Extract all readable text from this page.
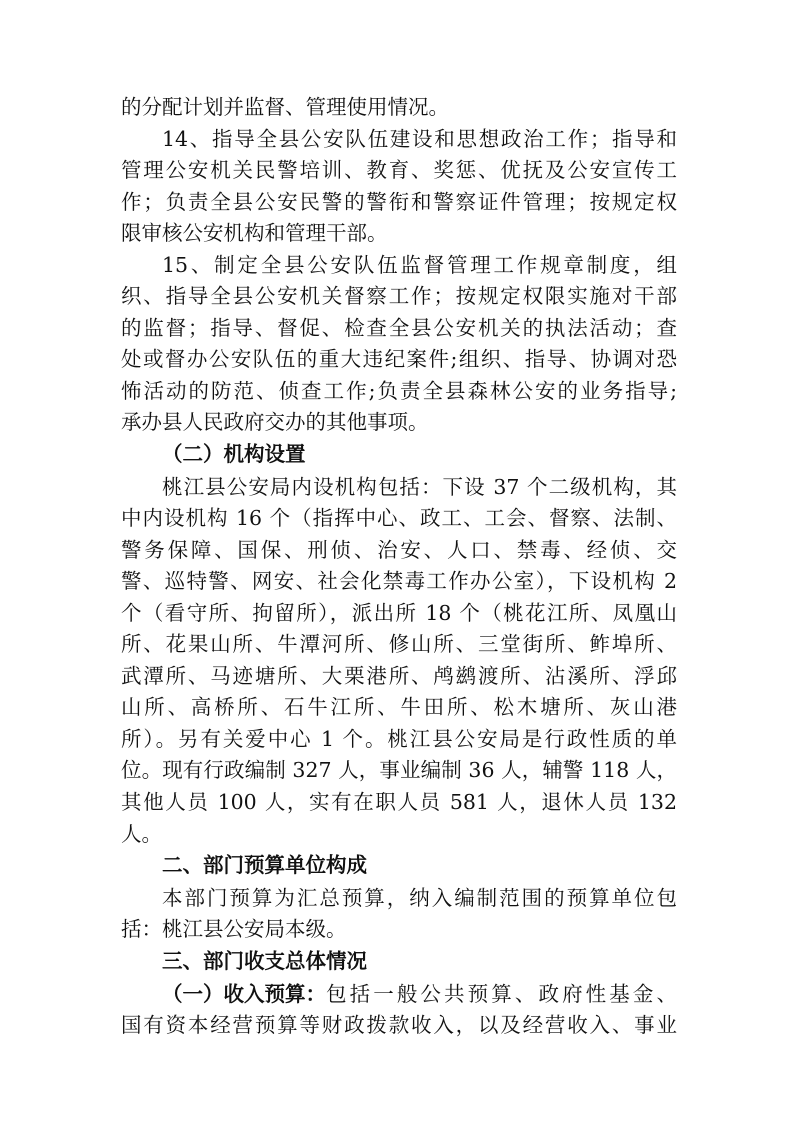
的分配计划并监督、管理使用情况。
14、指导全县公安队伍建设和思想政治工作；指导和
管理公安机关民警培训、教育、奖惩、优抚及公安宣传工
作；负责全县公安民警的警衔和警察证件管理；按规定权
限审核公安机构和管理干部。
15、制定全县公安队伍监督管理工作规章制度，组
织、指导全县公安机关督察工作；按规定权限实施对干部
的监督；指导、督促、检查全县公安机关的执法活动；查
处或督办公安队伍的重大违纪案件;组织、指导、协调对恐
怖活动的防范、侦查工作;负责全县森林公安的业务指导;
承办县人民政府交办的其他事项。
（二）机构设置
桃江县公安局内设机构包括：下设 37 个二级机构，其
中内设机构 16 个（指挥中心、政工、工会、督察、法制、
警务保障、国保、刑侦、治安、人口、禁毒、经侦、交
警、巡特警、网安、社会化禁毒工作办公室），下设机构 2
个（看守所、拘留所），派出所 18 个（桃花江所、凤凰山
所、花果山所、牛潭河所、修山所、三堂街所、鲊埠所、
武潭所、马迹塘所、大栗港所、鸬鹚渡所、沾溪所、浮邱
山所、高桥所、石牛江所、牛田所、松木塘所、灰山港
所）。另有关爱中心 1 个。桃江县公安局是行政性质的单
位。现有行政编制 327 人，事业编制 36 人，辅警 118 人，
其他人员 100 人，实有在职人员 581 人，退休人员 132
人。
二、部门预算单位构成
本部门预算为汇总预算，纳入编制范围的预算单位包
括：桃江县公安局本级。
三、部门收支总体情况
（一）收入预算： 包括一般公共预算、政府性基金、
国有资本经营预算等财政拨款收入，以及经营收入、事业
